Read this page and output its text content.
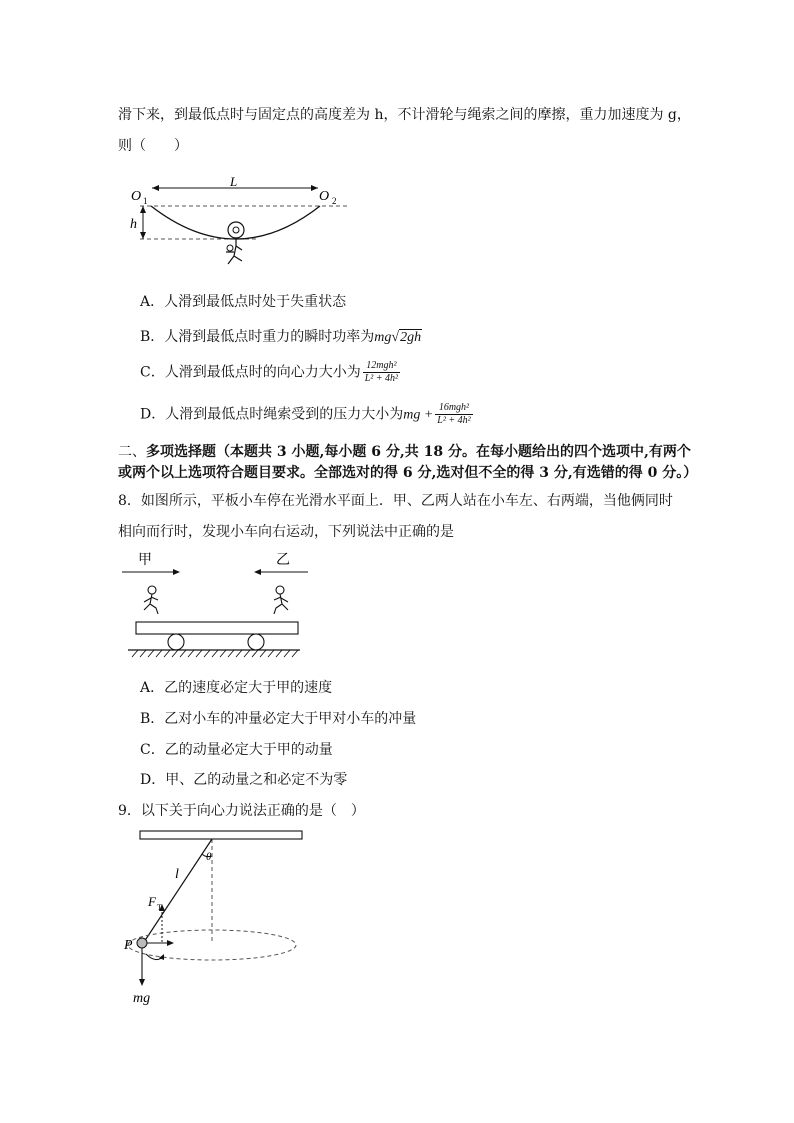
滑下来，到最低点时与固定点的高度差为 h，不计滑轮与绳索之间的摩擦，重力加速度为 g，
则（　　）
L
O 1	O 2
h
A．人滑到最低点时处于失重状态
B．人滑到最低点时重力的瞬时功率为mg√2gh
C．人滑到最低点时的向心力大小为 $\frac{\text{12mgh²}}{\text{L² + 4h²}}$
D．人滑到最低点时绳索受到的压力大小为mg + $\frac{\text{16mgh²}}{\text{L² + 4h²}}$
二、多项选择题（本题共 3 小题,每小题 6 分,共 18 分。在每小题给出的四个选项中,有两个
或两个以上选项符合题目要求。全部选对的得 6 分,选对但不全的得 3 分,有选错的得 0 分。）
8．如图所示，平板小车停在光滑水平面上．甲、乙两人站在小车左、右两端，当他俩同时
相向而行时，发现小车向右运动，下列说法中正确的是
甲	乙
A．乙的速度必定大于甲的速度
B．乙对小车的冲量必定大于甲对小车的冲量
C．乙的动量必定大于甲的动量
D．甲、乙的动量之和必定不为零
9．以下关于向心力说法正确的是（　）
θ
l
F T
mg
P
